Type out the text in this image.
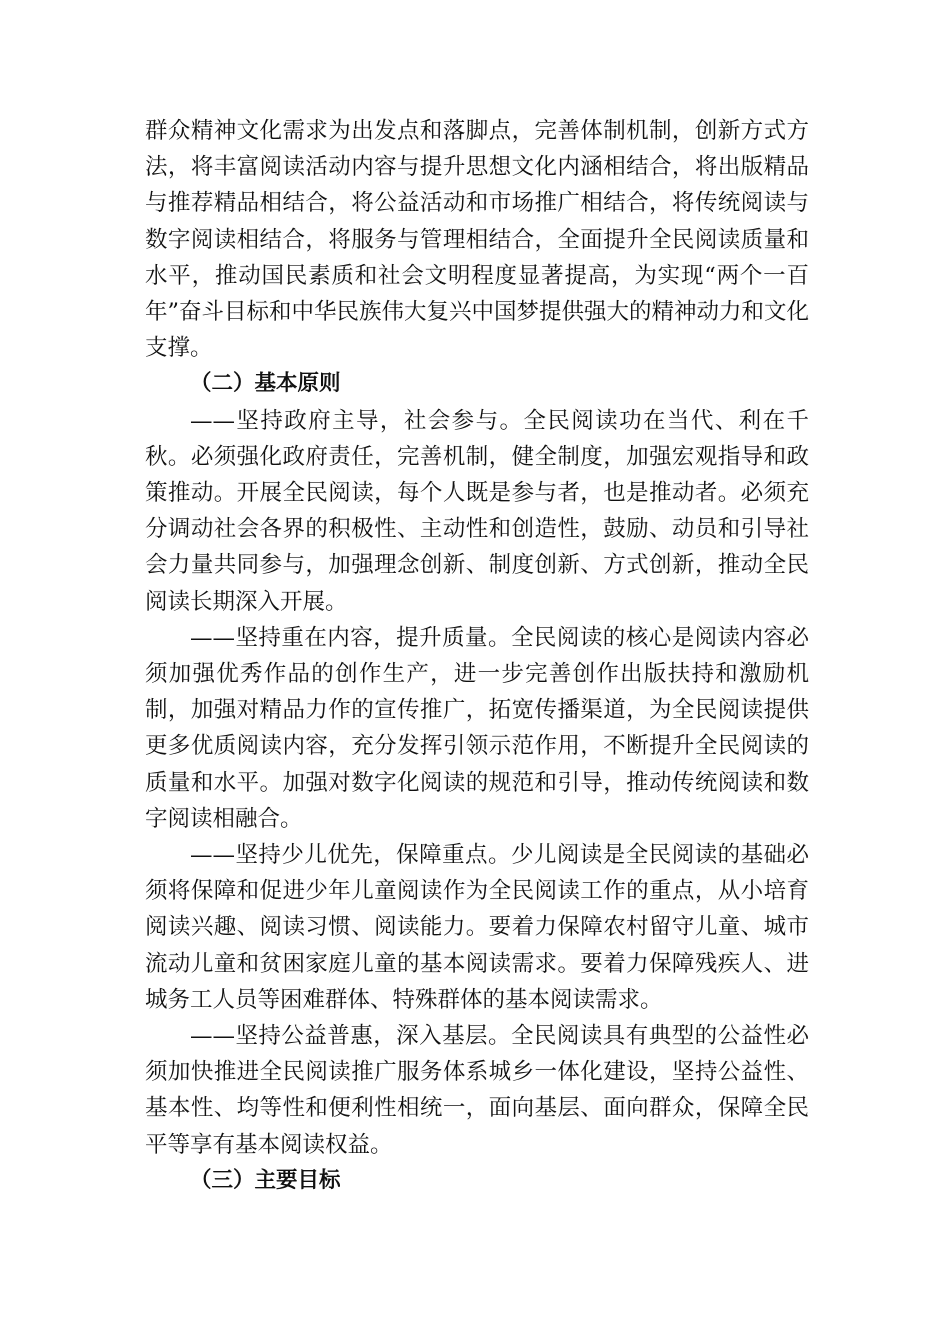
群众精神文化需求为出发点和落脚点，完善体制机制，创新方式方法，将丰富阅读活动内容与提升思想文化内涵相结合，将出版精品与推荐精品相结合，将公益活动和市场推广相结合，将传统阅读与数字阅读相结合，将服务与管理相结合，全面提升全民阅读质量和水平，推动国民素质和社会文明程度显著提高，为实现“两个一百年”奋斗目标和中华民族伟大复兴中国梦提供强大的精神动力和文化支撑。

（二）基本原则

——坚持政府主导，社会参与。全民阅读功在当代、利在千秋。必须强化政府责任，完善机制，健全制度，加强宏观指导和政策推动。开展全民阅读，每个人既是参与者，也是推动者。必须充分调动社会各界的积极性、主动性和创造性，鼓励、动员和引导社会力量共同参与，加强理念创新、制度创新、方式创新，推动全民阅读长期深入开展。

——坚持重在内容，提升质量。全民阅读的核心是阅读内容必须加强优秀作品的创作生产，进一步完善创作出版扶持和激励机制，加强对精品力作的宣传推广，拓宽传播渠道，为全民阅读提供更多优质阅读内容，充分发挥引领示范作用，不断提升全民阅读的质量和水平。加强对数字化阅读的规范和引导，推动传统阅读和数字阅读相融合。

——坚持少儿优先，保障重点。少儿阅读是全民阅读的基础必须将保障和促进少年儿童阅读作为全民阅读工作的重点，从小培育阅读兴趣、阅读习惯、阅读能力。要着力保障农村留守儿童、城市流动儿童和贫困家庭儿童的基本阅读需求。要着力保障残疾人、进城务工人员等困难群体、特殊群体的基本阅读需求。

——坚持公益普惠，深入基层。全民阅读具有典型的公益性必须加快推进全民阅读推广服务体系城乡一体化建设，坚持公益性、基本性、均等性和便利性相统一，面向基层、面向群众，保障全民平等享有基本阅读权益。

（三）主要目标
